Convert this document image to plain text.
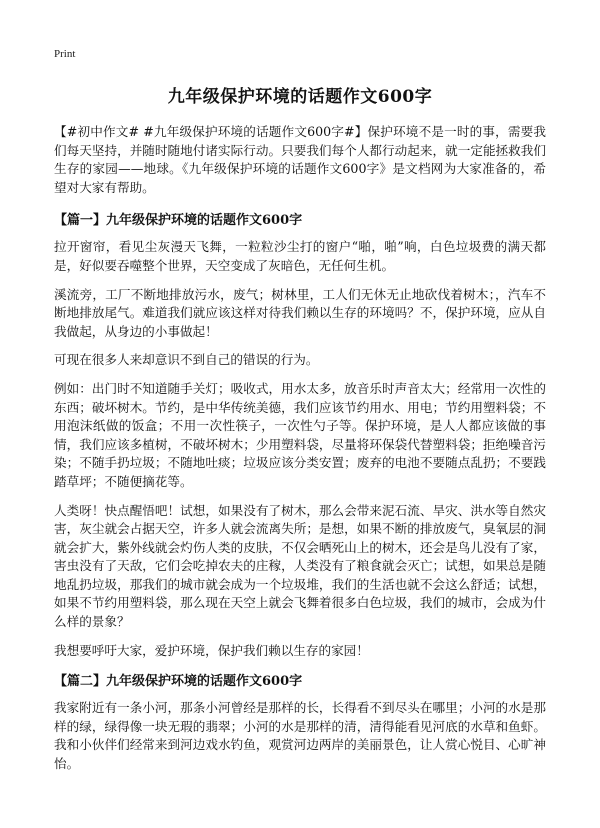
Print
九年级保护环境的话题作文600字

【#初中作文# #九年级保护环境的话题作文600字#】保护环境不是一时的事，需要我们每天坚持，并随时随地付诸实际行动。只要我们每个人都行动起来，就一定能拯救我们生存的家园——地球。《九年级保护环境的话题作文600字》是文档网为大家准备的，希望对大家有帮助。

【篇一】九年级保护环境的话题作文600字

拉开窗帘，看见尘灰漫天飞舞，一粒粒沙尘打的窗户“啪，啪”响，白色垃圾费的满天都是，好似要吞噬整个世界，天空变成了灰暗色，无任何生机。

溪流旁，工厂不断地排放污水，废气；树林里，工人们无休无止地砍伐着树木；，汽车不断地排放尾气。难道我们就应该这样对待我们赖以生存的环境吗？不，保护环境，应从自我做起，从身边的小事做起！

可现在很多人来却意识不到自己的错误的行为。

例如：出门时不知道随手关灯；吸收式，用水太多，放音乐时声音太大；经常用一次性的东西；破坏树木。节约，是中华传统美德，我们应该节约用水、用电；节约用塑料袋；不用泡沫纸做的饭盒；不用一次性筷子，一次性勺子等。保护环境，是人人都应该做的事情，我们应该多植树，不破坏树木；少用塑料袋，尽量将环保袋代替塑料袋；拒绝噪音污染；不随手扔垃圾；不随地吐痰；垃圾应该分类安置；废弃的电池不要随点乱扔；不要践踏草坪；不随便摘花等。

人类呀！快点醒悟吧！试想，如果没有了树木，那么会带来泥石流、旱灾、洪水等自然灾害，灰尘就会占据天空，许多人就会流离失所；是想，如果不断的排放废气，臭氧层的洞就会扩大，紫外线就会灼伤人类的皮肤，不仅会晒死山上的树木，还会是鸟儿没有了家，害虫没有了天敌，它们会吃掉农夫的庄稼，人类没有了粮食就会灭亡；试想，如果总是随地乱扔垃圾，那我们的城市就会成为一个垃圾堆，我们的生活也就不会这么舒适；试想，如果不节约用塑料袋，那么现在天空上就会飞舞着很多白色垃圾，我们的城市，会成为什么样的景象？

我想要呼吁大家，爱护环境，保护我们赖以生存的家园！

【篇二】九年级保护环境的话题作文600字

我家附近有一条小河，那条小河曾经是那样的长，长得看不到尽头在哪里；小河的水是那样的绿，绿得像一块无瑕的翡翠；小河的水是那样的清，清得能看见河底的水草和鱼虾。我和小伙伴们经常来到河边戏水钓鱼，观赏河边两岸的美丽景色，让人赏心悦目、心旷神怡。
